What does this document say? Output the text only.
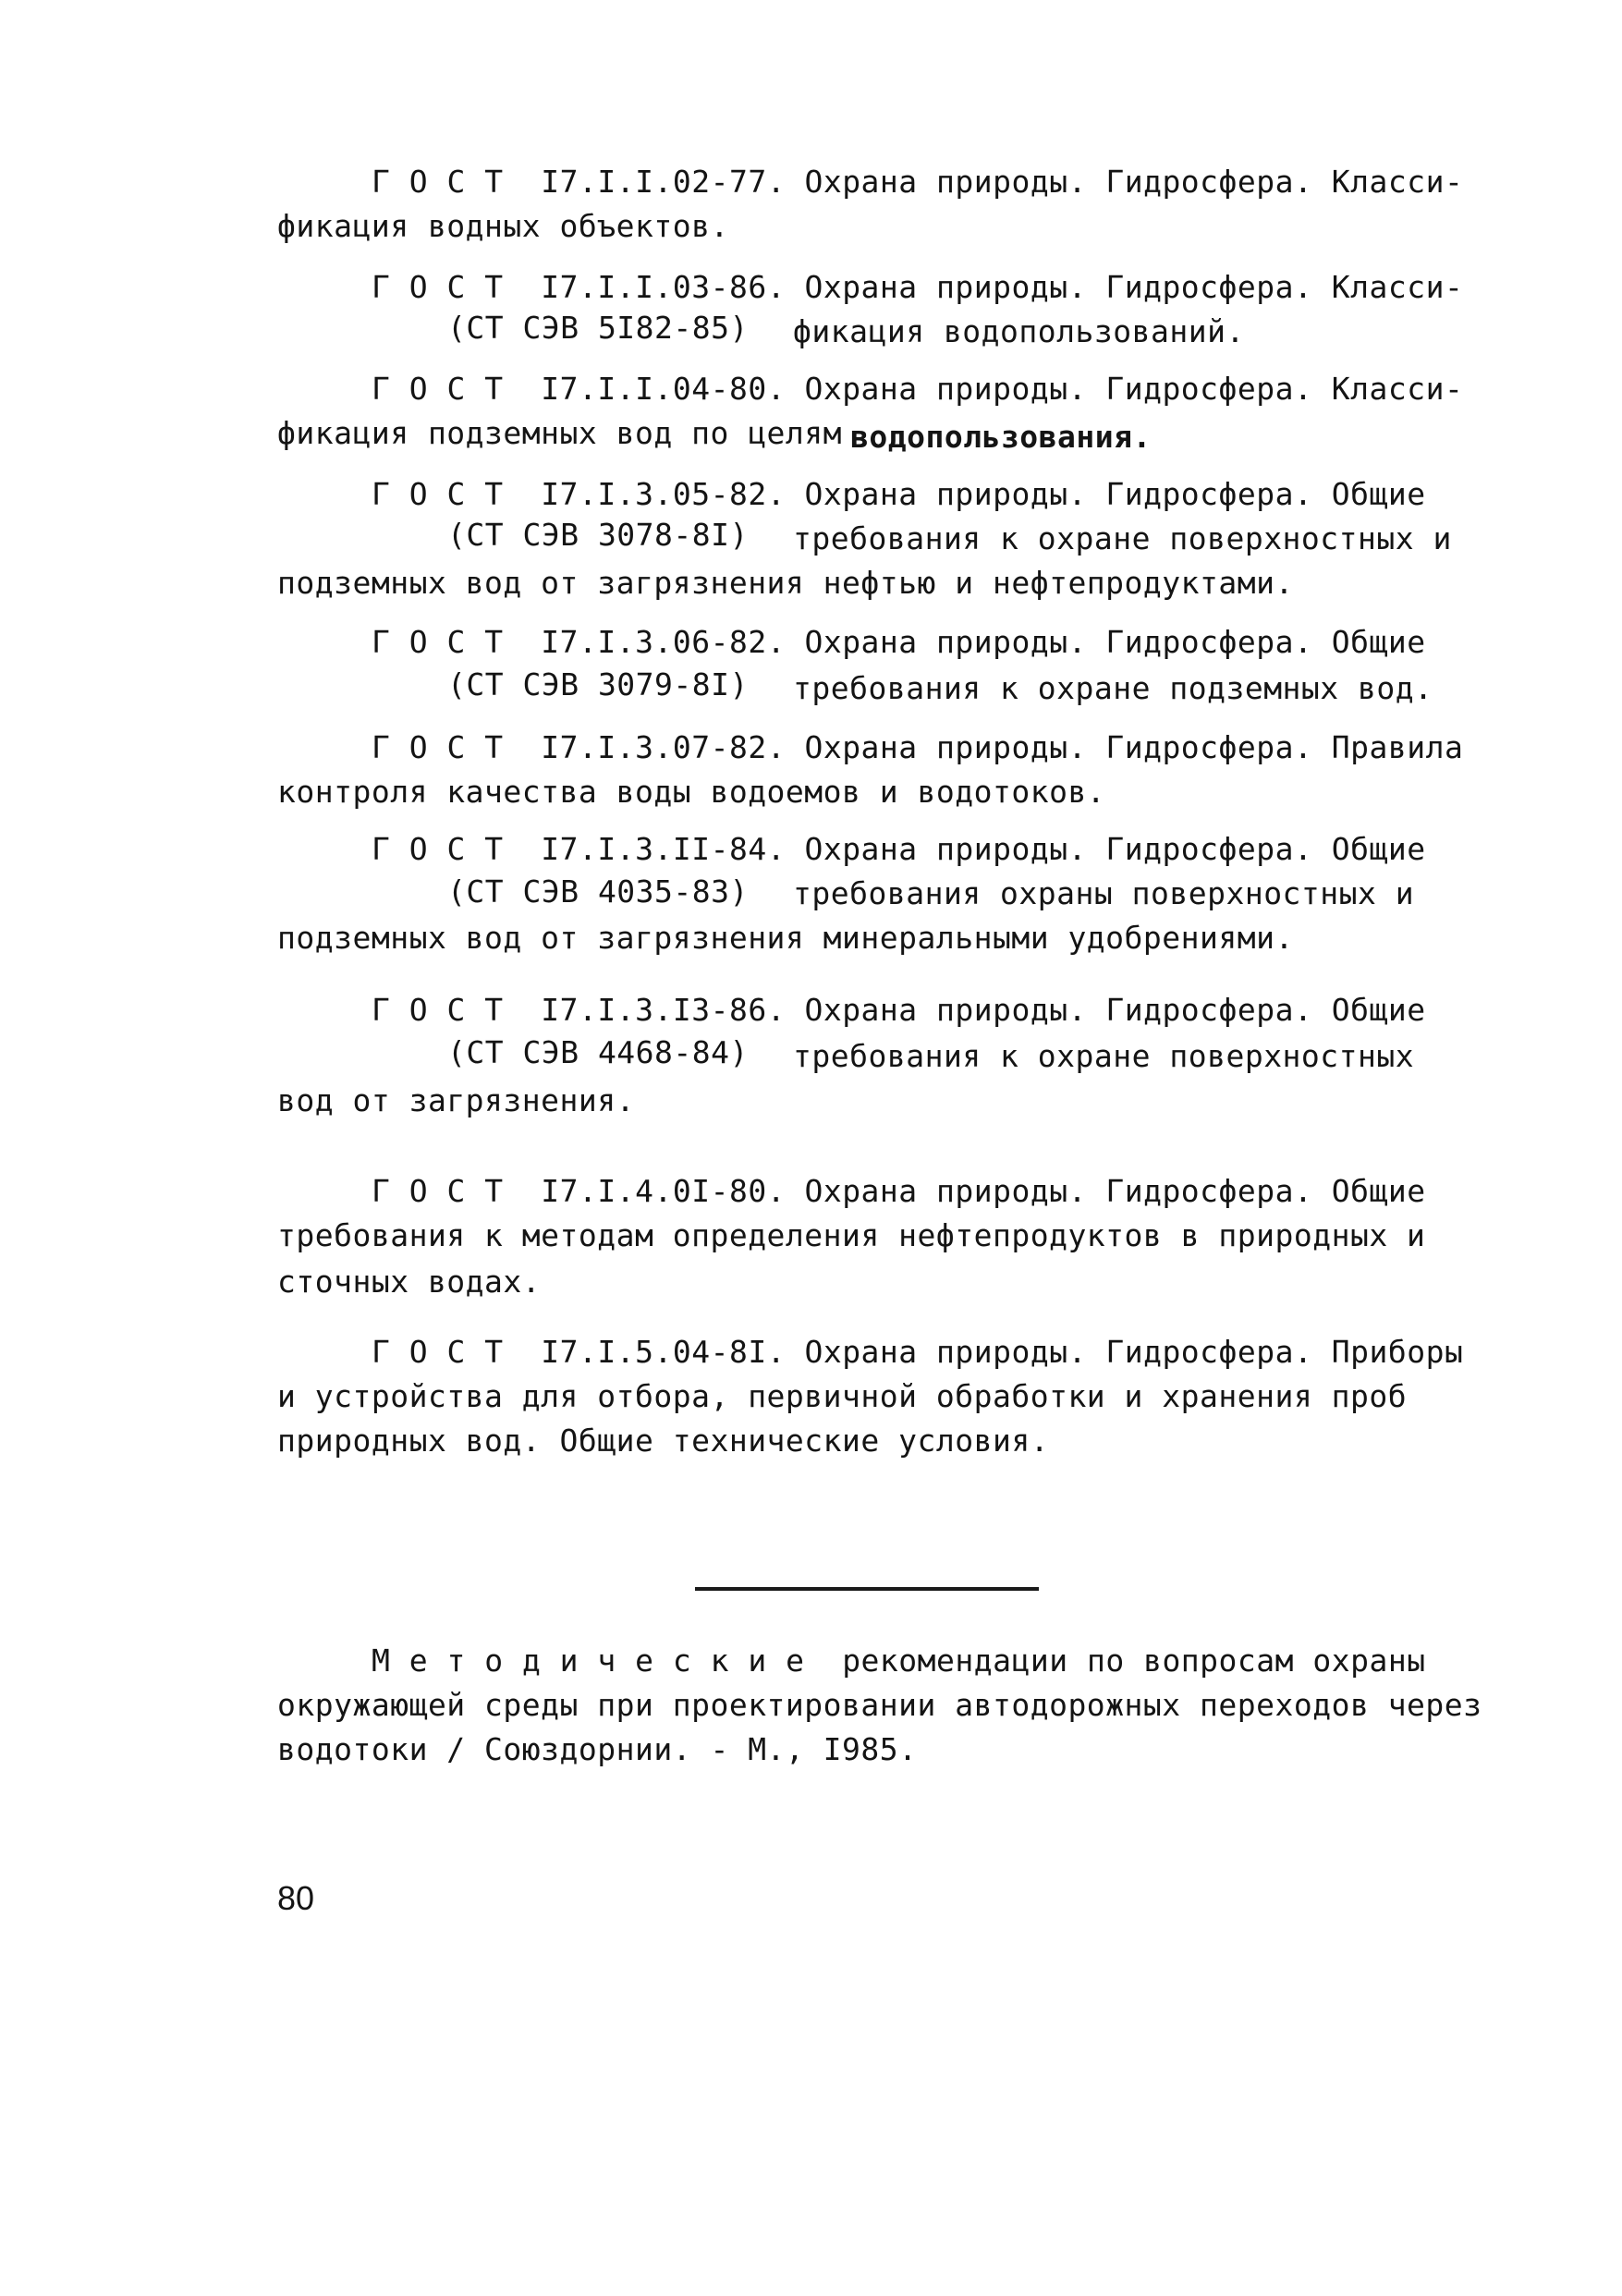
Г О С Т  I7.I.I.02-77. Охрана природы. Гидросфера. Класси-
фикация водных объектов.
Г О С Т  I7.I.I.03-86. Охрана природы. Гидросфера. Класси-
(СТ СЭВ 5I82-85) фикация водопользований.
Г О С Т  I7.I.I.04-80. Охрана природы. Гидросфера. Класси-
фикация подземных вод по целям водопользования.
Г О С Т  I7.I.3.05-82. Охрана природы. Гидросфера. Общие
(СТ СЭВ 3078-8I) требования к охране поверхностных и
подземных вод от загрязнения нефтью и нефтепродуктами.
Г О С Т  I7.I.3.06-82. Охрана природы. Гидросфера. Общие
(СТ СЭВ 3079-8I) требования к охране подземных вод.
Г О С Т  I7.I.3.07-82. Охрана природы. Гидросфера. Правила
контроля качества воды водоемов и водотоков.
Г О С Т  I7.I.3.II-84. Охрана природы. Гидросфера. Общие
(СТ СЭВ 4035-83) требования охраны поверхностных и
подземных вод от загрязнения минеральными удобрениями.
Г О С Т  I7.I.3.I3-86. Охрана природы. Гидросфера. Общие
(СТ СЭВ 4468-84) требования к охране поверхностных
вод от загрязнения.
Г О С Т  I7.I.4.0I-80. Охрана природы. Гидросфера. Общие
требования к методам определения нефтепродуктов в природных и
сточных водах.
Г О С Т  I7.I.5.04-8I. Охрана природы. Гидросфера. Приборы
и устройства для отбора, первичной обработки и хранения проб
природных вод. Общие технические условия.
М е т о д и ч е с к и е  рекомендации по вопросам охраны
окружающей среды при проектировании автодорожных переходов через
водотоки / Союздорнии. - М., I985.
80
